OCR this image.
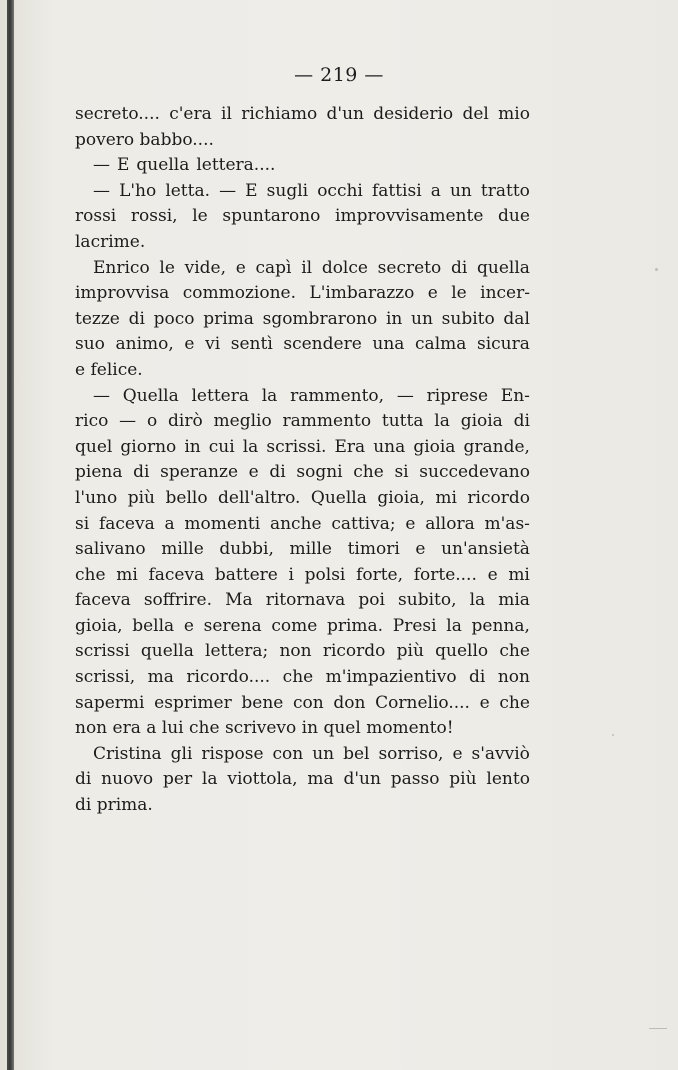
— 219 —
secreto.... c'era il richiamo d'un desiderio del mio
povero babbo....
— E quella lettera....
— L'ho letta. — E sugli occhi fattisi a un tratto
rossi rossi, le spuntarono improvvisamente due
lacrime.
Enrico le vide, e capì il dolce secreto di quella
improvvisa commozione. L'imbarazzo e le incer-
tezze di poco prima sgombrarono in un subito dal
suo animo, e vi sentì scendere una calma sicura
e felice.
— Quella lettera la rammento, — riprese En-
rico — o dirò meglio rammento tutta la gioia di
quel giorno in cui la scrissi. Era una gioia grande,
piena di speranze e di sogni che si succedevano
l'uno più bello dell'altro. Quella gioia, mi ricordo
si faceva a momenti anche cattiva; e allora m'as-
salivano mille dubbi, mille timori e un'ansietà
che mi faceva battere i polsi forte, forte.... e mi
faceva soffrire. Ma ritornava poi subito, la mia
gioia, bella e serena come prima. Presi la penna,
scrissi quella lettera; non ricordo più quello che
scrissi, ma ricordo.... che m'impazientivo di non
sapermi esprimer bene con don Cornelio.... e che
non era a lui che scrivevo in quel momento!
Cristina gli rispose con un bel sorriso, e s'avviò
di nuovo per la viottola, ma d'un passo più lento
di prima.
